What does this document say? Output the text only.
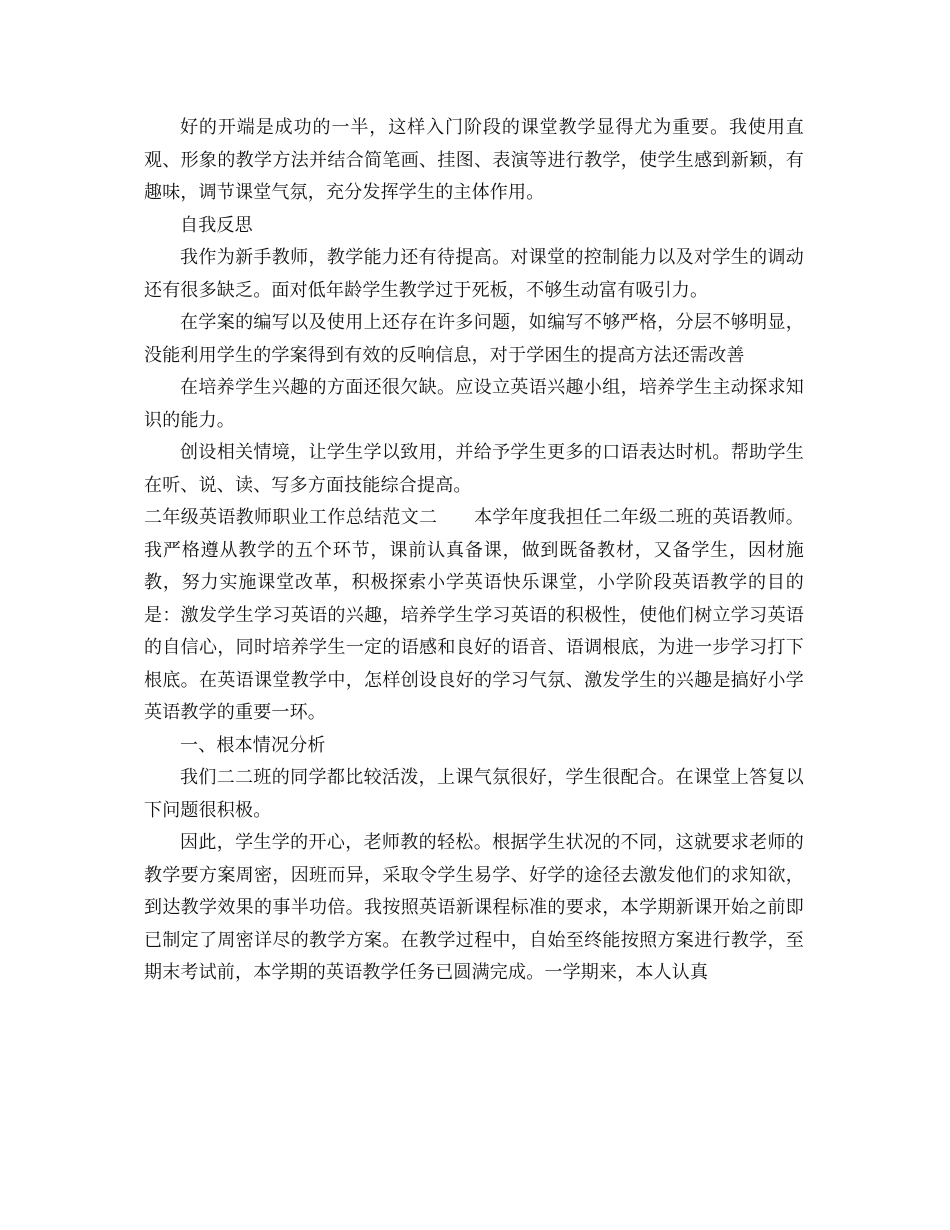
好的开端是成功的一半，这样入门阶段的课堂教学显得尤为重要。我使用直观、形象的教学方法并结合简笔画、挂图、表演等进行教学，使学生感到新颖，有趣味，调节课堂气氛，充分发挥学生的主体作用。

自我反思

我作为新手教师，教学能力还有待提高。对课堂的控制能力以及对学生的调动还有很多缺乏。面对低年龄学生教学过于死板，不够生动富有吸引力。

在学案的编写以及使用上还存在许多问题，如编写不够严格，分层不够明显，没能利用学生的学案得到有效的反响信息，对于学困生的提高方法还需改善

在培养学生兴趣的方面还很欠缺。应设立英语兴趣小组，培养学生主动探求知识的能力。

创设相关情境，让学生学以致用，并给予学生更多的口语表达时机。帮助学生在听、说、读、写多方面技能综合提高。

二年级英语教师职业工作总结范文二　　本学年度我担任二年级二班的英语教师。我严格遵从教学的五个环节，课前认真备课，做到既备教材，又备学生，因材施教，努力实施课堂改革，积极探索小学英语快乐课堂，小学阶段英语教学的目的是：激发学生学习英语的兴趣，培养学生学习英语的积极性，使他们树立学习英语的自信心，同时培养学生一定的语感和良好的语音、语调根底，为进一步学习打下根底。在英语课堂教学中，怎样创设良好的学习气氛、激发学生的兴趣是搞好小学英语教学的重要一环。

一、根本情况分析

我们二二班的同学都比较活泼，上课气氛很好，学生很配合。在课堂上答复以下问题很积极。

因此，学生学的开心，老师教的轻松。根据学生状况的不同，这就要求老师的教学要方案周密，因班而异，采取令学生易学、好学的途径去激发他们的求知欲，到达教学效果的事半功倍。我按照英语新课程标准的要求，本学期新课开始之前即已制定了周密详尽的教学方案。在教学过程中，自始至终能按照方案进行教学，至期末考试前，本学期的英语教学任务已圆满完成。一学期来，本人认真
